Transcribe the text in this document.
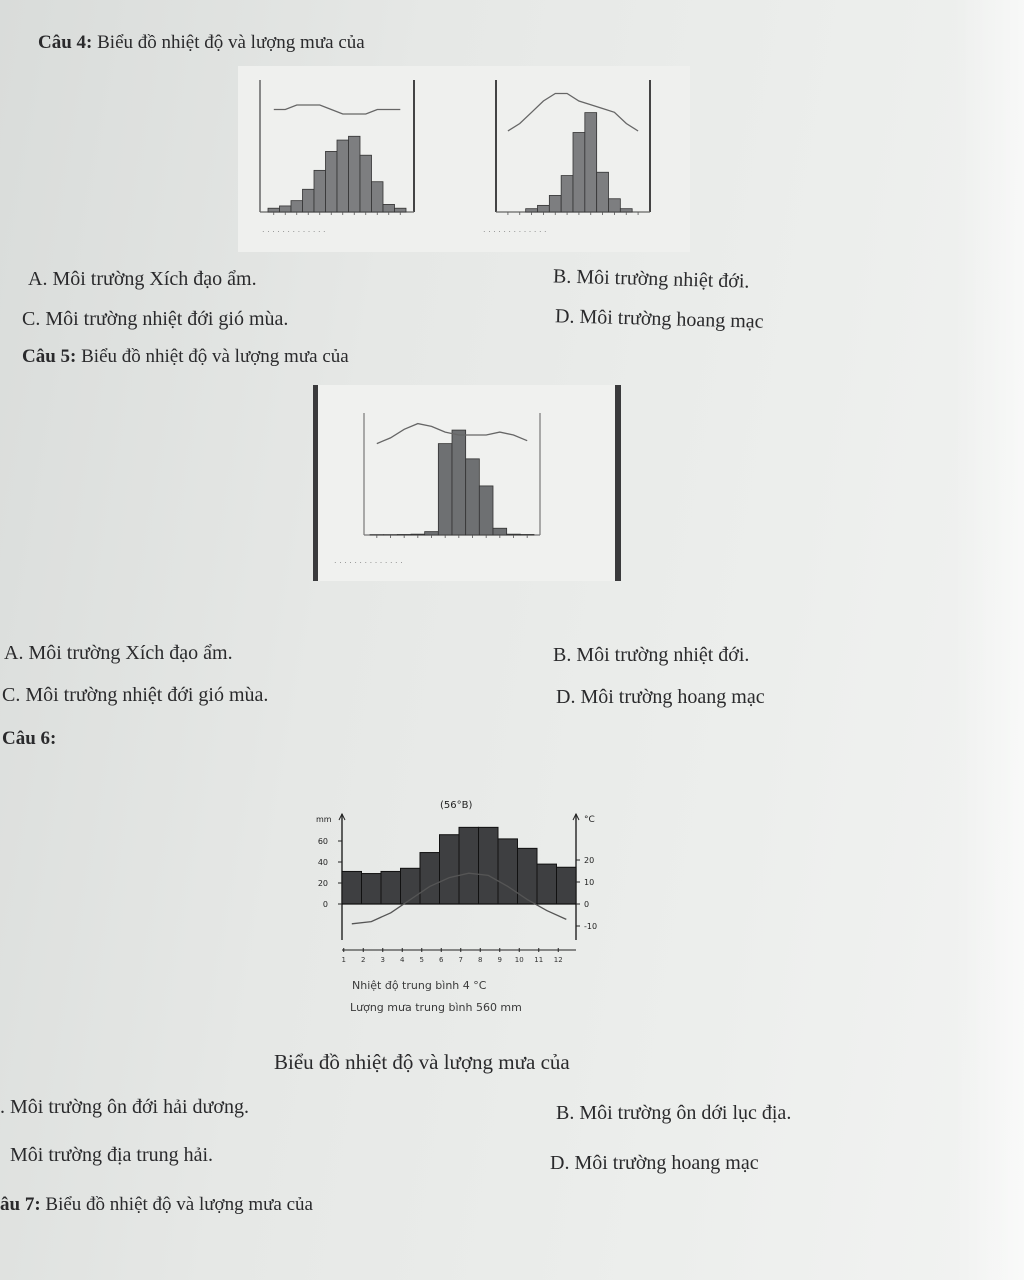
Câu 4: Biểu đồ nhiệt độ và lượng mưa của
. . . . . . . . . . . . .	. . . . . . . . . . . . .
A. Môi trường Xích đạo ẩm.	B. Môi trường nhiệt đới.
C. Môi trường nhiệt đới gió mùa.	D. Môi trường hoang mạc
Câu 5: Biểu đồ nhiệt độ và lượng mưa của
. . . . . . . . . . . . . .
A. Môi trường Xích đạo ẩm.	B. Môi trường nhiệt đới.
C. Môi trường nhiệt đới gió mùa.	D. Môi trường hoang mạc
Câu 6:
(56°B)
mm
60
40
20
0
°C
20
10
0
-10
1 2 3 4 5 6 7 8 9 10 11 12
Nhiệt độ trung bình 4 °C
Lượng mưa trung bình 560 mm
Biểu đồ nhiệt độ và lượng mưa của
. Môi trường ôn đới hải dương.	B. Môi trường ôn dới lục địa.
Môi trường địa trung hải.	D. Môi trường hoang mạc
âu 7: Biểu đồ nhiệt độ và lượng mưa của
